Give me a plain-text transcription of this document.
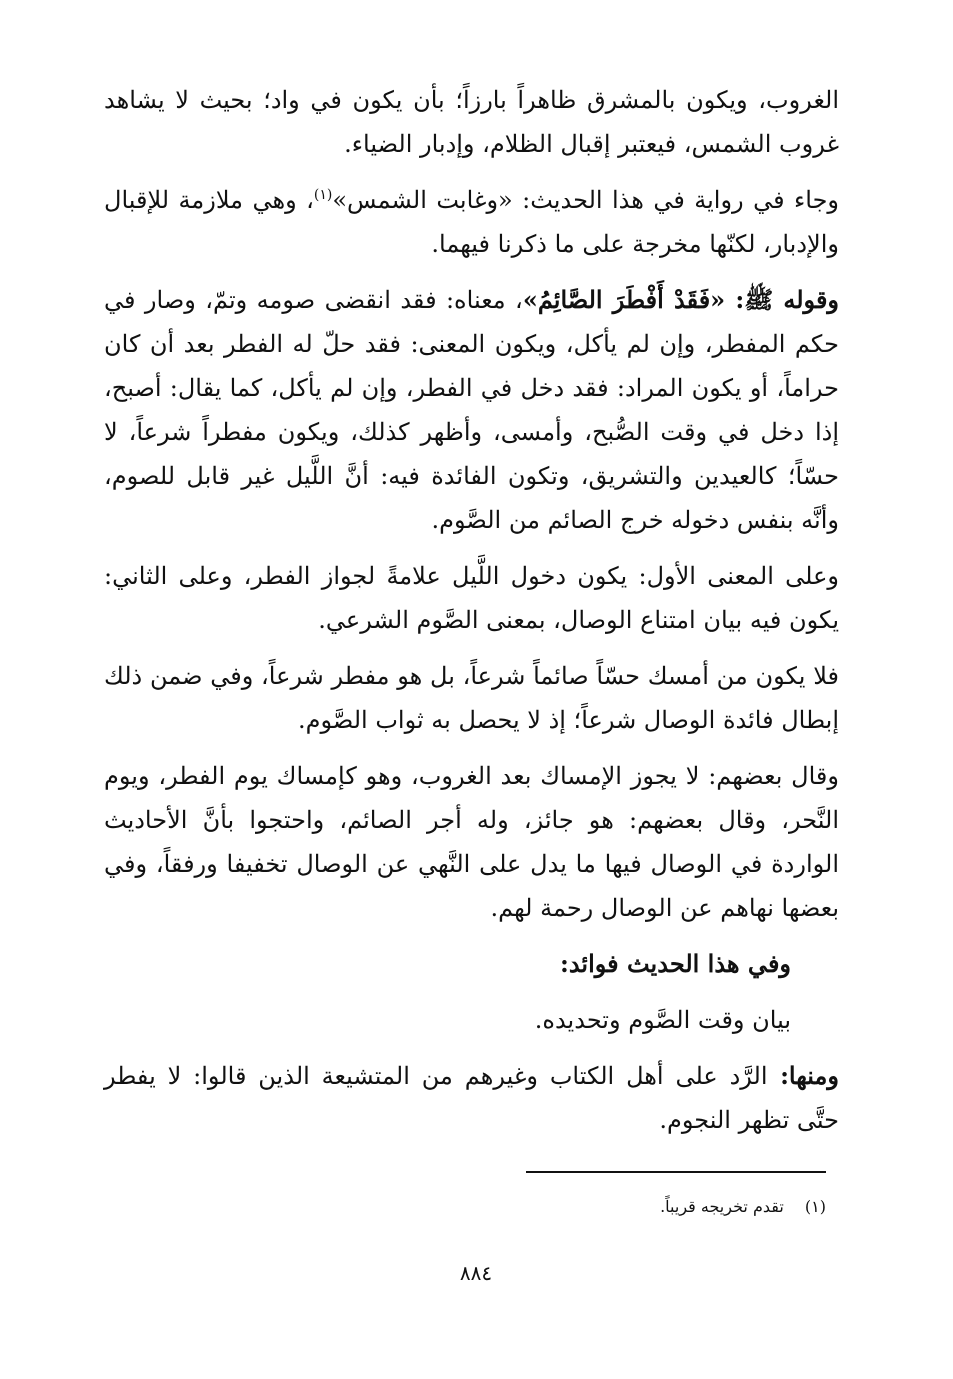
الغروب، ويكون بالمشرق ظاهراً بارزاً؛ بأن يكون في واد؛ بحيث لا يشاهد غروب الشمس، فيعتبر إقبال الظلام، وإدبار الضياء.

وجاء في رواية في هذا الحديث: «وغابت الشمس»$^{(١)}$، وهي ملازمة للإقبال والإدبار، لكنّها مخرجة على ما ذكرنا فيهما.

وقوله ﷺ: «فَقَدْ أَفْطَرَ الصَّائِمُ»، معناه: فقد انقضى صومه وتمّ، وصار في حكم المفطر، وإن لم يأكل، ويكون المعنى: فقد حلّ له الفطر بعد أن كان حراماً، أو يكون المراد: فقد دخل في الفطر، وإن لم يأكل، كما يقال: أصبح، إذا دخل في وقت الصُّبح، وأمسى، وأظهر كذلك، ويكون مفطراً شرعاً، لا حسّاً؛ كالعيدين والتشريق، وتكون الفائدة فيه: أنَّ اللَّيل غير قابل للصوم، وأنَّه بنفس دخوله خرج الصائم من الصَّوم.

وعلى المعنى الأول: يكون دخول اللَّيل علامةً لجواز الفطر، وعلى الثاني: يكون فيه بيان امتناع الوصال، بمعنى الصَّوم الشرعي.

فلا يكون من أمسك حسّاً صائماً شرعاً، بل هو مفطر شرعاً، وفي ضمن ذلك إبطال فائدة الوصال شرعاً؛ إذ لا يحصل به ثواب الصَّوم.

وقال بعضهم: لا يجوز الإمساك بعد الغروب، وهو كإمساك يوم الفطر، ويوم النَّحر، وقال بعضهم: هو جائز، وله أجر الصائم، واحتجوا بأنَّ الأحاديث الواردة في الوصال فيها ما يدل على النَّهي عن الوصال تخفيفا ورفقاً، وفي بعضها نهاهم عن الوصال رحمة لهم.

وفي هذا الحديث فوائد:

بيان وقت الصَّوم وتحديده.

ومنها: الرَّد على أهل الكتاب وغيرهم من المتشيعة الذين قالوا: لا يفطر حتَّى تظهر النجوم.

(١) تقدم تخريجه قريباً.
٨٨٤
